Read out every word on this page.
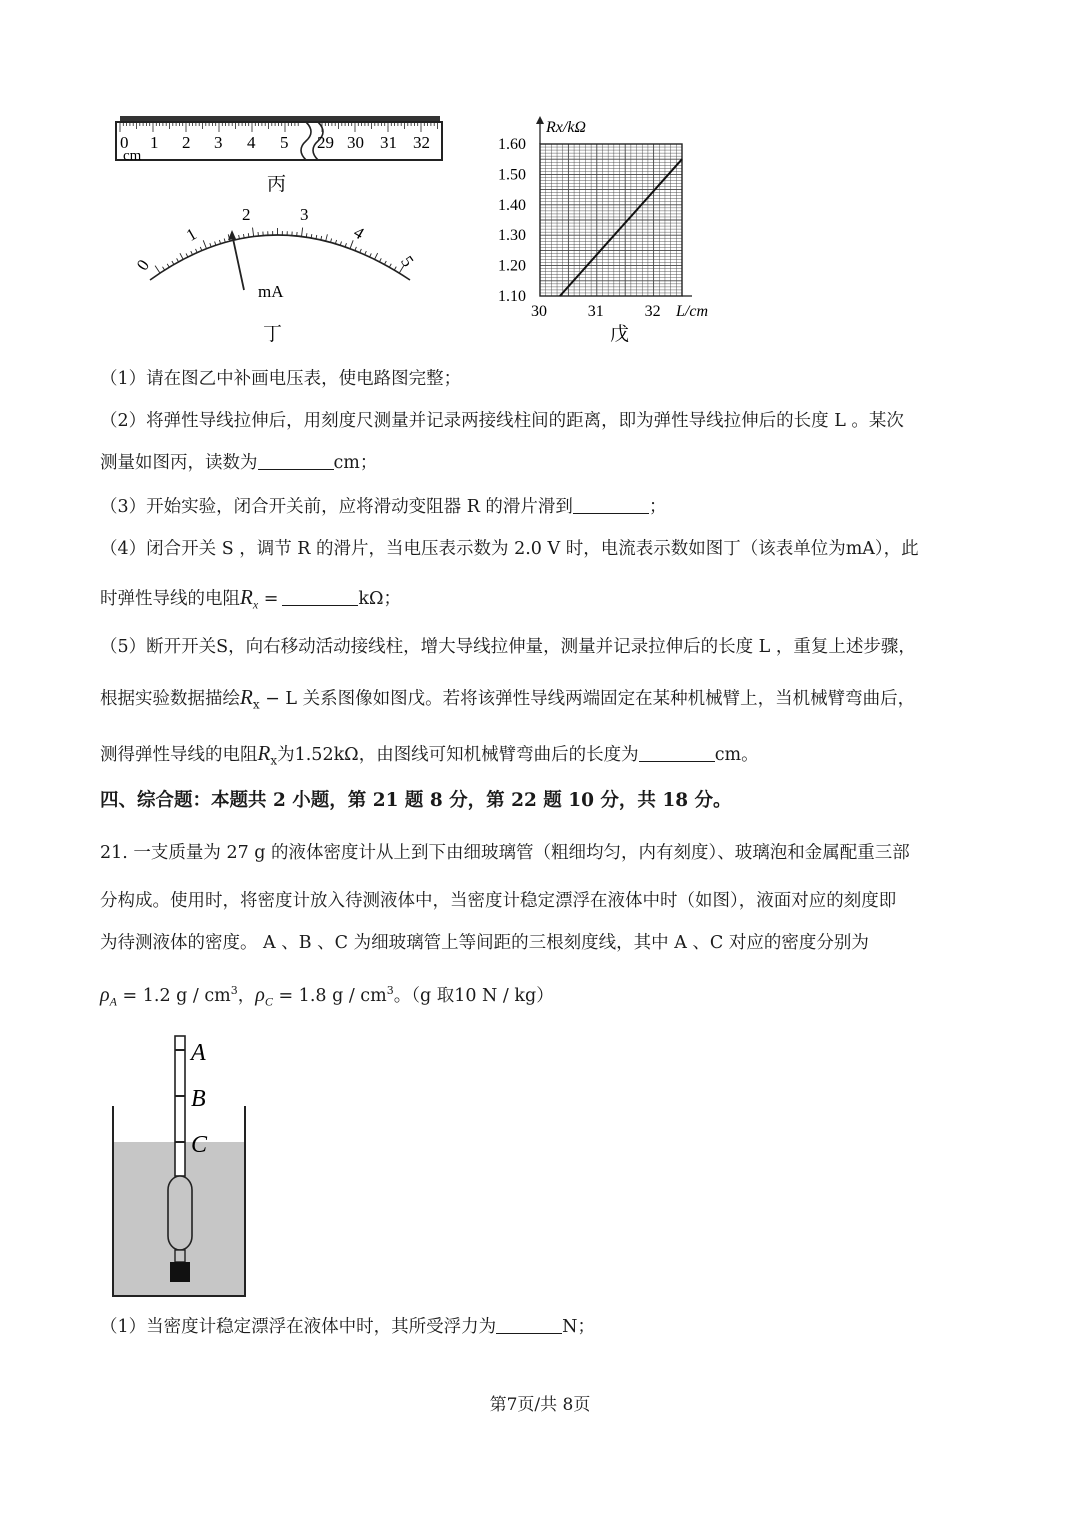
0 1 2 3 4 5
cm
29 30 31 32
丙
0
1
2	3
4
5
mA
丁
1.10
1.20
1.30
1.40
1.50
1.60
30	31	32
Rx/kΩ
L/cm
戊
（1）请在图乙中补画电压表，使电路图完整；
（2）将弹性导线拉伸后，用刻度尺测量并记录两接线柱间的距离，即为弹性导线拉伸后的长度 L 。某次
测量如图丙，读数为	cm；
（3）开始实验，闭合开关前，应将滑动变阻器 R 的滑片滑到	；
（4）闭合开关 S ，调节 R 的滑片，当电压表示数为 2.0 V 时，电流表示数如图丁（该表单位为mA），此
时弹性导线的电阻$R_x$ =	kΩ；
（5）断开开关S，向右移动活动接线柱，增大导线拉伸量，测量并记录拉伸后的长度 L ，重复上述步骤，
根据实验数据描绘$R_x - L$ 关系图像如图戊。若将该弹性导线两端固定在某种机械臂上，当机械臂弯曲后，
测得弹性导线的电阻$R_x$为1.52kΩ，由图线可知机械臂弯曲后的长度为	cm。
四、综合题：本题共 2 小题，第 21 题 8 分，第 22 题 10 分，共 18 分。
21. 一支质量为 27 g 的液体密度计从上到下由细玻璃管（粗细均匀，内有刻度）、玻璃泡和金属配重三部
分构成。使用时，将密度计放入待测液体中，当密度计稳定漂浮在液体中时（如图），液面对应的刻度即
为待测液体的密度。 A 、B 、C 为细玻璃管上等间距的三根刻度线，其中 A 、C 对应的密度分别为
$\rho_A = 1.2$ g / $cm^3$，$\rho_C = 1.8$ g / $cm^3$。（g 取10 N / kg）
A
B
C
（1）当密度计稳定漂浮在液体中时，其所受浮力为	N；
第7页/共 8页
